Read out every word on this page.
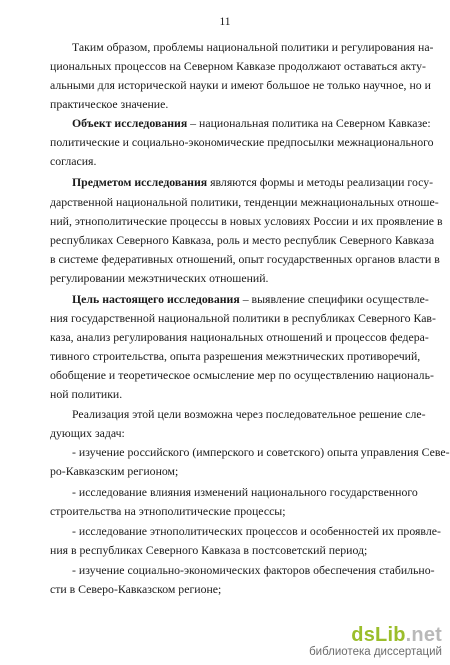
11
Таким образом, проблемы национальной политики и регулирования на-
циональных процессов на Северном Кавказе продолжают оставаться акту-
альными для исторической науки и имеют большое не только научное, но и
практическое значение.
Объект исследования – национальная политика на Северном Кавказе:
политические и социально-экономические предпосылки межнационального
согласия.
Предметом исследования являются формы и методы реализации госу-
дарственной национальной политики, тенденции межнациональных отноше-
ний, этнополитические процессы в новых условиях России и их проявление в
республиках Северного Кавказа, роль и место республик Северного Кавказа
в системе федеративных отношений, опыт государственных органов власти в
регулировании межэтнических отношений.
Цель настоящего исследования – выявление специфики осуществле-
ния государственной национальной политики в республиках Северного Кав-
каза, анализ регулирования национальных отношений и процессов федера-
тивного строительства, опыта разрешения межэтнических противоречий,
обобщение и теоретическое осмысление мер по осуществлению националь-
ной политики.
Реализация этой цели возможна через последовательное решение сле-
дующих задач:
- изучение российского (имперского и советского) опыта управления Севе-
ро-Кавказским регионом;
- исследование влияния изменений национального государственного
строительства на этнополитические процессы;
- исследование этнополитических процессов и особенностей их проявле-
ния в республиках Северного Кавказа в постсоветский период;
- изучение социально-экономических факторов обеспечения стабильно-
сти в Северо-Кавказском регионе;
dsLib.net
библиотека диссертаций
